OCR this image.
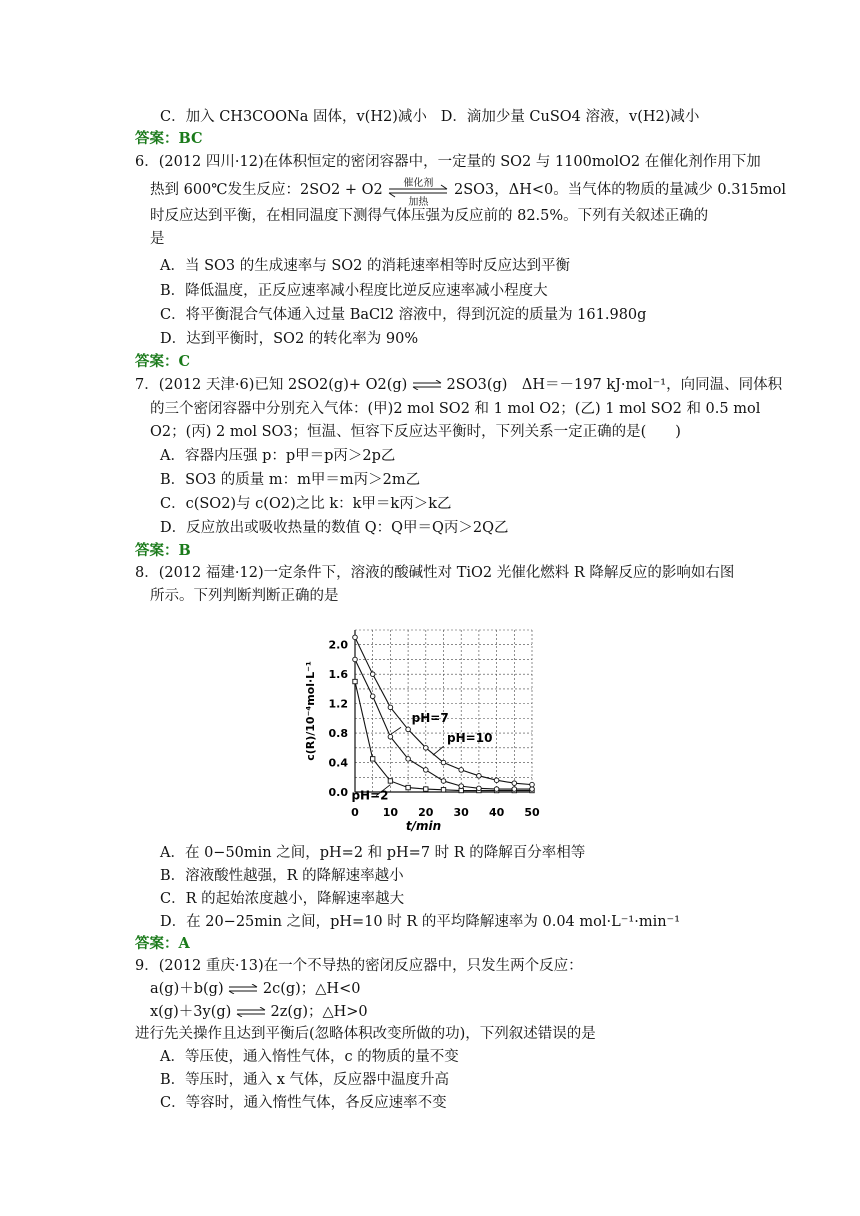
C．加入 CH3COONa 固体，v(H2)减小 D．滴加少量 CuSO4 溶液，v(H2)减小
答案：BC
6．(2012 四川·12)在体积恒定的密闭容器中，一定量的 SO2 与 1100molO2 在催化剂作用下加
热到 600℃发生反应：2SO2 + O2	催化剂
加热
2SO3，ΔH<0。当气体的物质的量减少 0.315mol
时反应达到平衡，在相同温度下测得气体压强为反应前的 82.5%。下列有关叙述正确的
是
A．当 SO3 的生成速率与 SO2 的消耗速率相等时反应达到平衡
B．降低温度，正反应速率减小程度比逆反应速率减小程度大
C．将平衡混合气体通入过量 BaCl2 溶液中，得到沉淀的质量为 161.980g
D．达到平衡时，SO2 的转化率为 90%
答案：C
7．(2012 天津·6)已知 2SO2(g)+ O2(g) ⇌ 2SO3(g)　ΔH＝－197 kJ·mol⁻¹，向同温、同体积
的三个密闭容器中分别充入气体：(甲)2 mol SO2 和 1 mol O2；(乙) 1 mol SO2 和 0.5 mol
O2；(丙) 2 mol SO3；恒温、恒容下反应达平衡时，下列关系一定正确的是(　　)
A．容器内压强 p：p甲＝p丙＞2p乙
B．SO3 的质量 m：m甲＝m丙＞2m乙
C．c(SO2)与 c(O2)之比 k：k甲＝k丙＞k乙
D．反应放出或吸收热量的数值 Q：Q甲＝Q丙＞2Q乙
答案：B
8．(2012 福建·12)一定条件下，溶液的酸碱性对 TiO2 光催化燃料 R 降解反应的影响如右图
所示。下列判断判断正确的是
0.0
0.4
0.8
1.2
1.6
2.0
0 10 20 30 40 50
t/min
c(R)/10⁻⁴mol·L⁻¹	pH=7
pH=10
pH=2
A．在 0−50min 之间，pH=2 和 pH=7 时 R 的降解百分率相等
B．溶液酸性越强，R 的降解速率越小
C．R 的起始浓度越小，降解速率越大
D．在 20−25min 之间，pH=10 时 R 的平均降解速率为 0.04 mol·L⁻¹·min⁻¹
答案：A
9．(2012 重庆·13)在一个不导热的密闭反应器中，只发生两个反应：
a(g)＋b(g) ⇌ 2c(g)；△H<0
x(g)＋3y(g) ⇌ 2z(g)；△H>0
进行先关操作且达到平衡后(忽略体积改变所做的功)，下列叙述错误的是
A．等压使，通入惰性气体，c 的物质的量不变
B．等压时，通入 x 气体，反应器中温度升高
C．等容时，通入惰性气体，各反应速率不变
